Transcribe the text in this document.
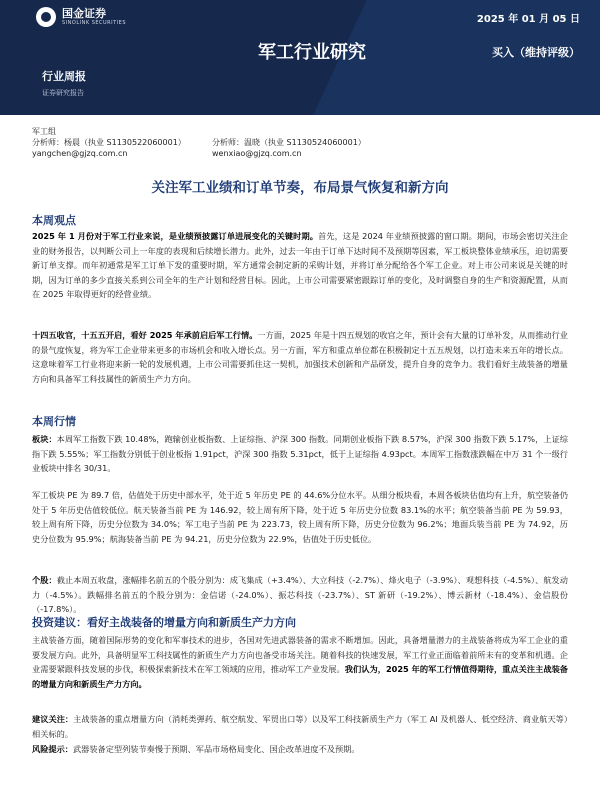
国金证券
SINOLINK SECURITIES	2025 年 01 月 05 日
军工行业研究	买入（维持评级）
行业周报
证券研究报告
军工组
分析师：杨晨（执业 S1130522060001）
yangchen@gjzq.com.cn
分析师：温晓（执业 S1130524060001）
wenxiao@gjzq.com.cn
关注军工业绩和订单节奏，布局景气恢复和新方向
本周观点
2025 年 1 月份对于军工行业来说，是业绩预披露订单进展变化的关键时期。首先，这是 2024 年业绩预披露的窗口期。期间，市场会密切关注企业的财务报告，以判断公司上一年度的表现和后续增长潜力。此外，过去一年由于订单下达时间不及预期等因素，军工板块整体业绩承压，迫切需要新订单支撑。而年初通常是军工订单下发的重要时期，军方通常会制定新的采购计划，并将订单分配给各个军工企业。对上市公司来说是关键的时期，因为订单的多少直接关系到公司全年的生产计划和经营目标。因此，上市公司需要紧密跟踪订单的变化，及时调整自身的生产和资源配置，从而在 2025 年取得更好的经营业绩。
十四五收官，十五五开启，看好 2025 年承前启后军工行情。一方面，2025 年是十四五规划的收官之年，预计会有大量的订单补发，从而推动行业的景气度恢复，将为军工企业带来更多的市场机会和收入增长点。另一方面，军方和重点单位都在积极制定十五五规划，以打造未来五年的增长点。这意味着军工行业将迎来新一轮的发展机遇，上市公司需要抓住这一契机，加强技术创新和产品研发，提升自身的竞争力。我们看好主战装备的增量方向和具备军工科技属性的新质生产力方向。
本周行情
板块：本周军工指数下跌 10.48%，跑输创业板指数、上证综指、沪深 300 指数。同期创业板指下跌 8.57%，沪深 300 指数下跌 5.17%，上证综指下跌 5.55%；军工指数分别低于创业板指 1.91pct，沪深 300 指数 5.31pct，低于上证综指 4.93pct。本周军工指数涨跌幅在中万 31 个一级行业板块中排名 30/31。
军工板块 PE 为 89.7 倍，估值处于历史中部水平，处于近 5 年历史 PE 的 44.6%分位水平。从细分板块看，本周各板块估值均有上升，航空装备仍处于 5 年历史估值较低位。航天装备当前 PE 为 146.92，较上周有所下降，处于近 5 年历史分位数 83.1%的水平；航空装备当前 PE 为 59.93，较上周有所下降，历史分位数为 34.0%；军工电子当前 PE 为 223.73，较上周有所下降，历史分位数为 96.2%；地面兵装当前 PE 为 74.92，历史分位数为 95.9%；航海装备当前 PE 为 94.21，历史分位数为 22.9%，估值处于历史低位。
个股：截止本周五收盘，涨幅排名前五的个股分别为：成飞集成（+3.4%）、大立科技（-2.7%）、烽火电子（-3.9%）、观想科技（-4.5%）、航发动力（-4.5%）。跌幅排名前五的个股分别为：金信诺（-24.0%）、振芯科技（-23.7%）、ST 新研（-19.2%）、博云新材（-18.4%）、金信股份（-17.8%）。
投资建议：看好主战装备的增量方向和新质生产力方向
主战装备方面，随着国际形势的变化和军事技术的进步，各国对先进武器装备的需求不断增加。因此，具备增量潜力的主战装备将成为军工企业的重要发展方向。此外，具备明显军工科技属性的新质生产力方向也备受市场关注。随着科技的快速发展，军工行业正面临着前所未有的变革和机遇。企业需要紧跟科技发展的步伐，积极探索新技术在军工领域的应用，推动军工产业发展。我们认为，2025 年的军工行情值得期待，重点关注主战装备的增量方向和新质生产力方向。
建议关注：主战装备的重点增量方向（消耗类弹药、航空航发、军贸出口等）以及军工科技新质生产力（军工 AI 及机器人、低空经济、商业航天等）相关标的。
风险提示：武器装备定型列装节奏慢于预期、军品市场格局变化、国企改革进度不及预期。
